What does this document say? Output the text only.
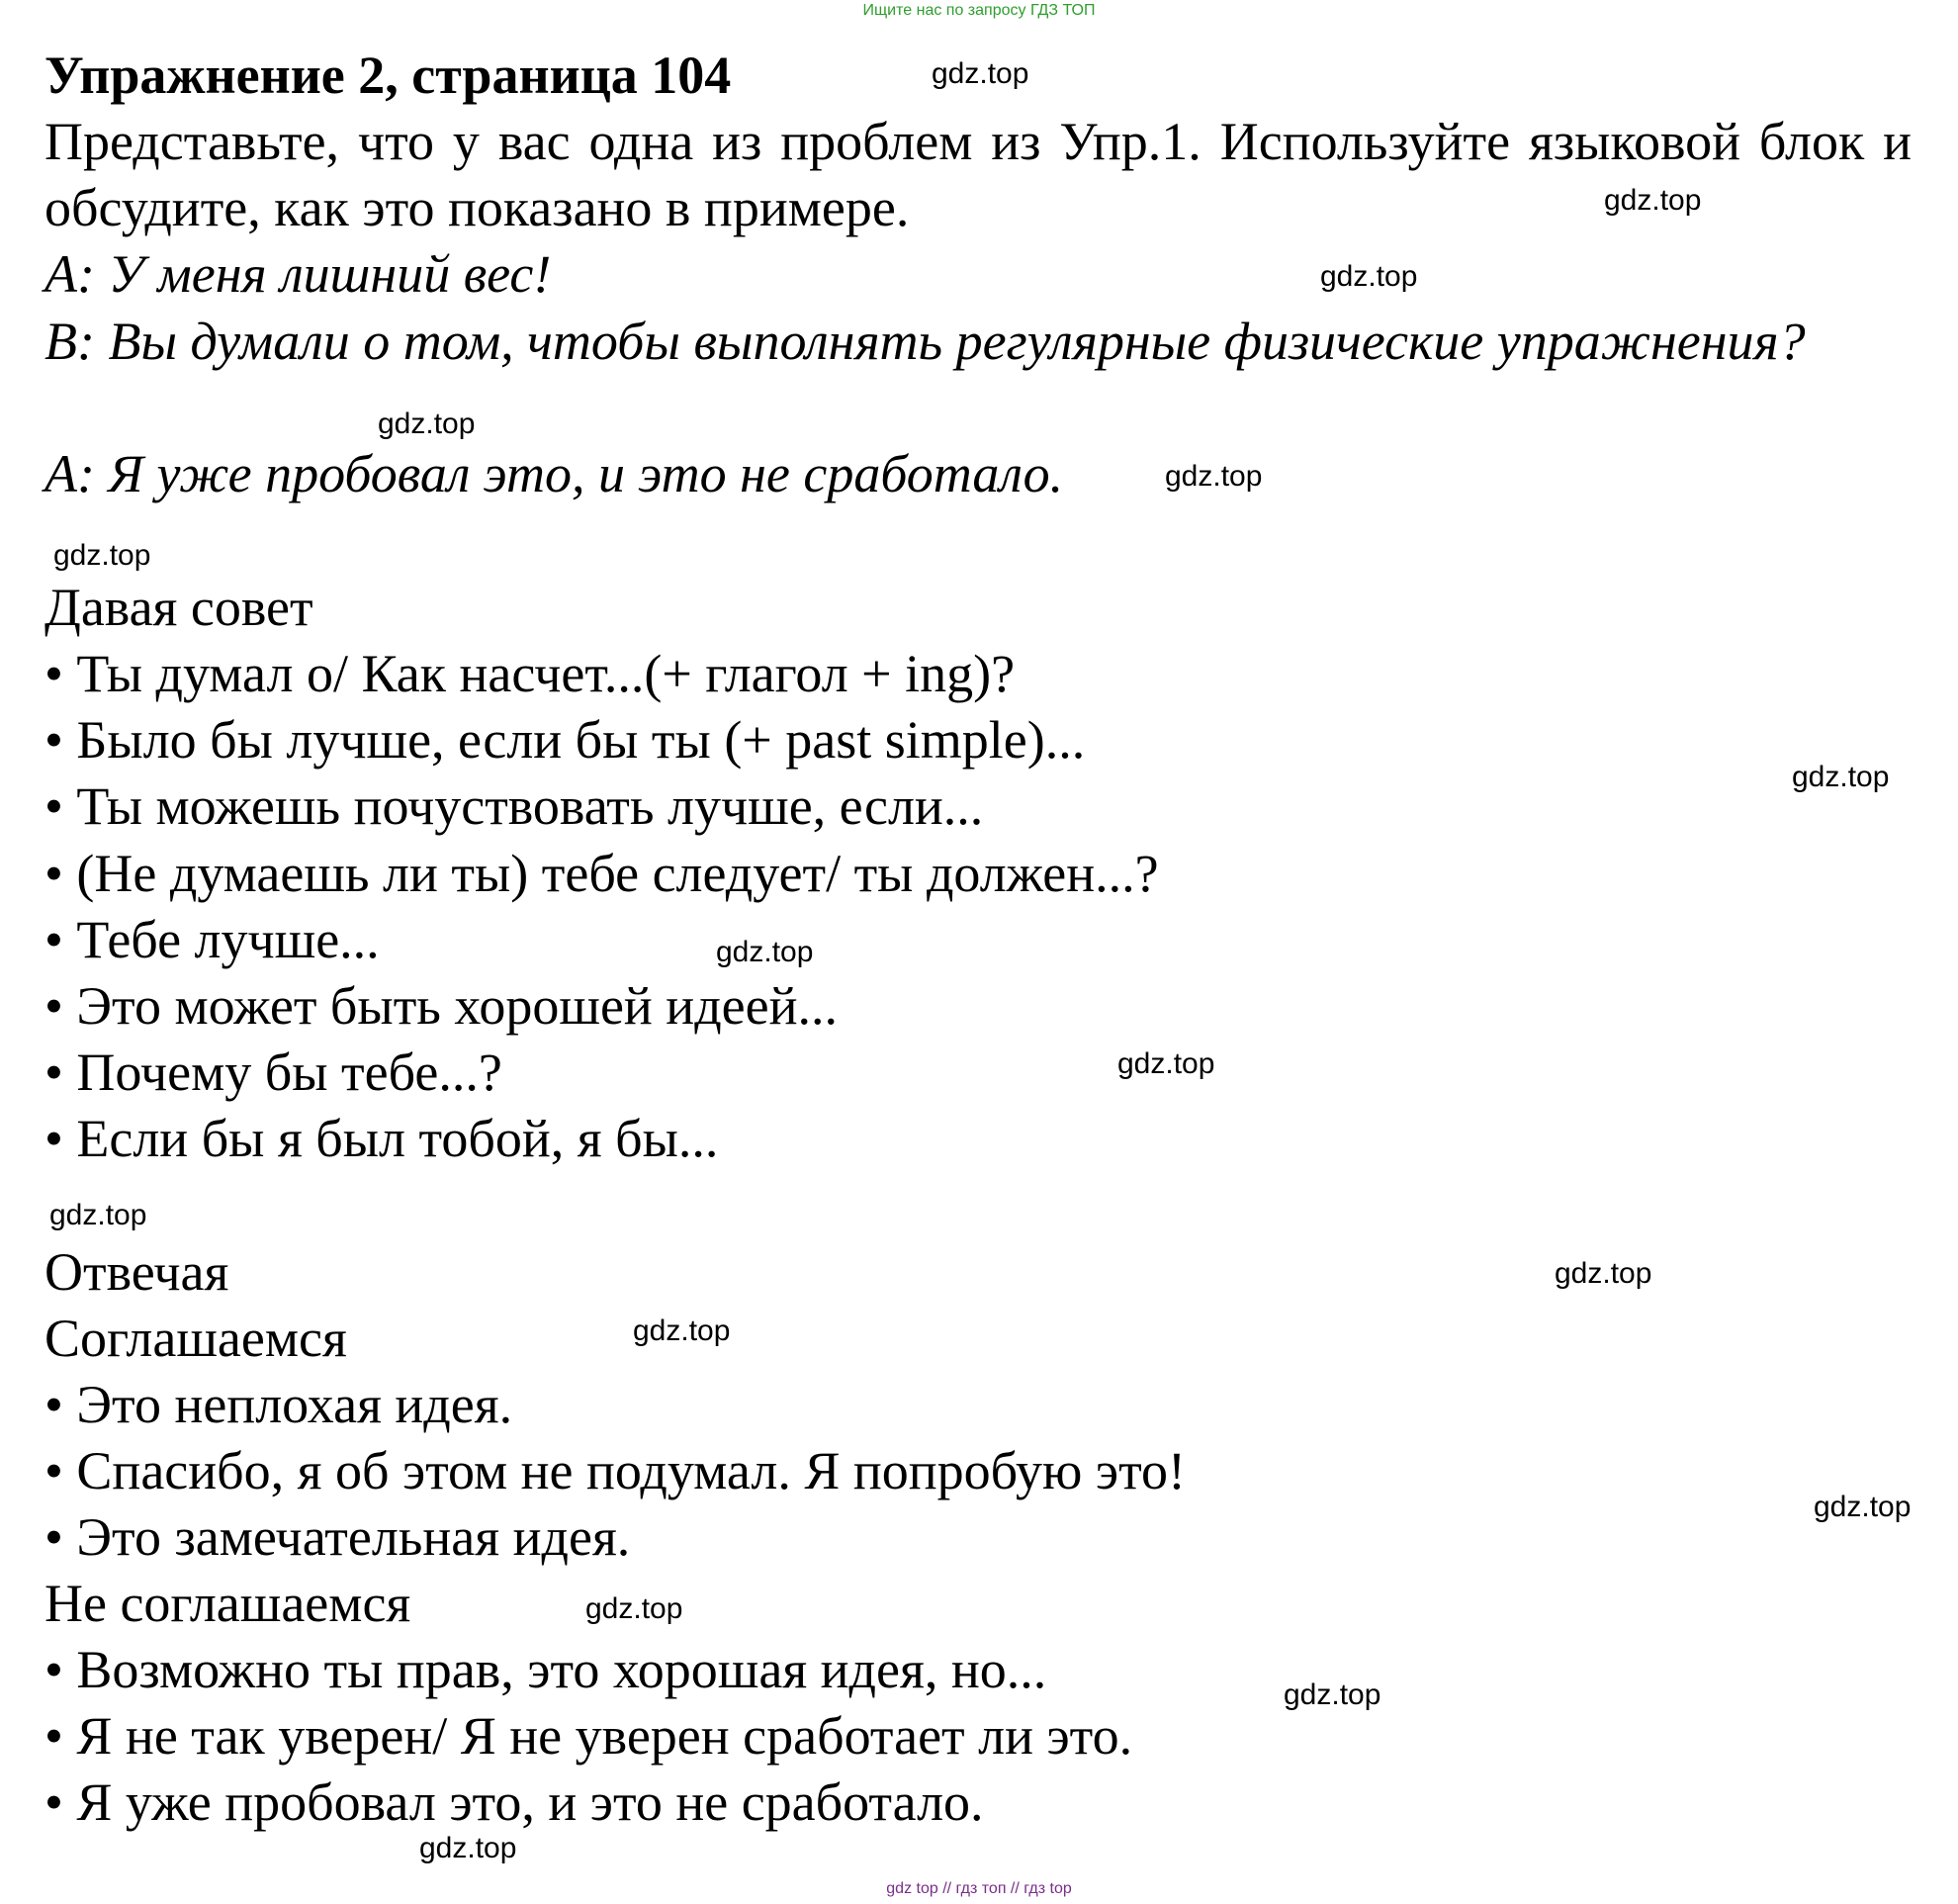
Ищите нас по запросу ГДЗ ТОП
Упражнение 2, страница 104
Представьте, что у вас одна из проблем из Упр.1. Используйте языковой блок и обсудите, как это показано в примере.
A: У меня лишний вес!
B: Вы думали о том, чтобы выполнять регулярные физические упражнения?
A: Я уже пробовал это, и это не сработало.
Давая совет
• Ты думал о/ Как насчет...(+ глагол + ing)?
• Было бы лучше, если бы ты (+ past simple)...
• Ты можешь почуствовать лучше, если...
• (Не думаешь ли ты) тебе следует/ ты должен...?
• Тебе лучше...
• Это может быть хорошей идеей...
• Почему бы тебе...?
• Если бы я был тобой, я бы...
Отвечая
Соглашаемся
• Это неплохая идея.
• Спасибо, я об этом не подумал. Я попробую это!
• Это замечательная идея.
Не соглашаемся
• Возможно ты прав, это хорошая идея, но...
• Я не так уверен/ Я не уверен сработает ли это.
• Я уже пробовал это, и это не сработало.
gdz.top
gdz.top
gdz.top
gdz.top
gdz.top
gdz.top
gdz.top
gdz.top
gdz.top
gdz.top
gdz.top
gdz.top
gdz.top
gdz.top
gdz.top
gdz.top
gdz top // гдз топ // гдз top
